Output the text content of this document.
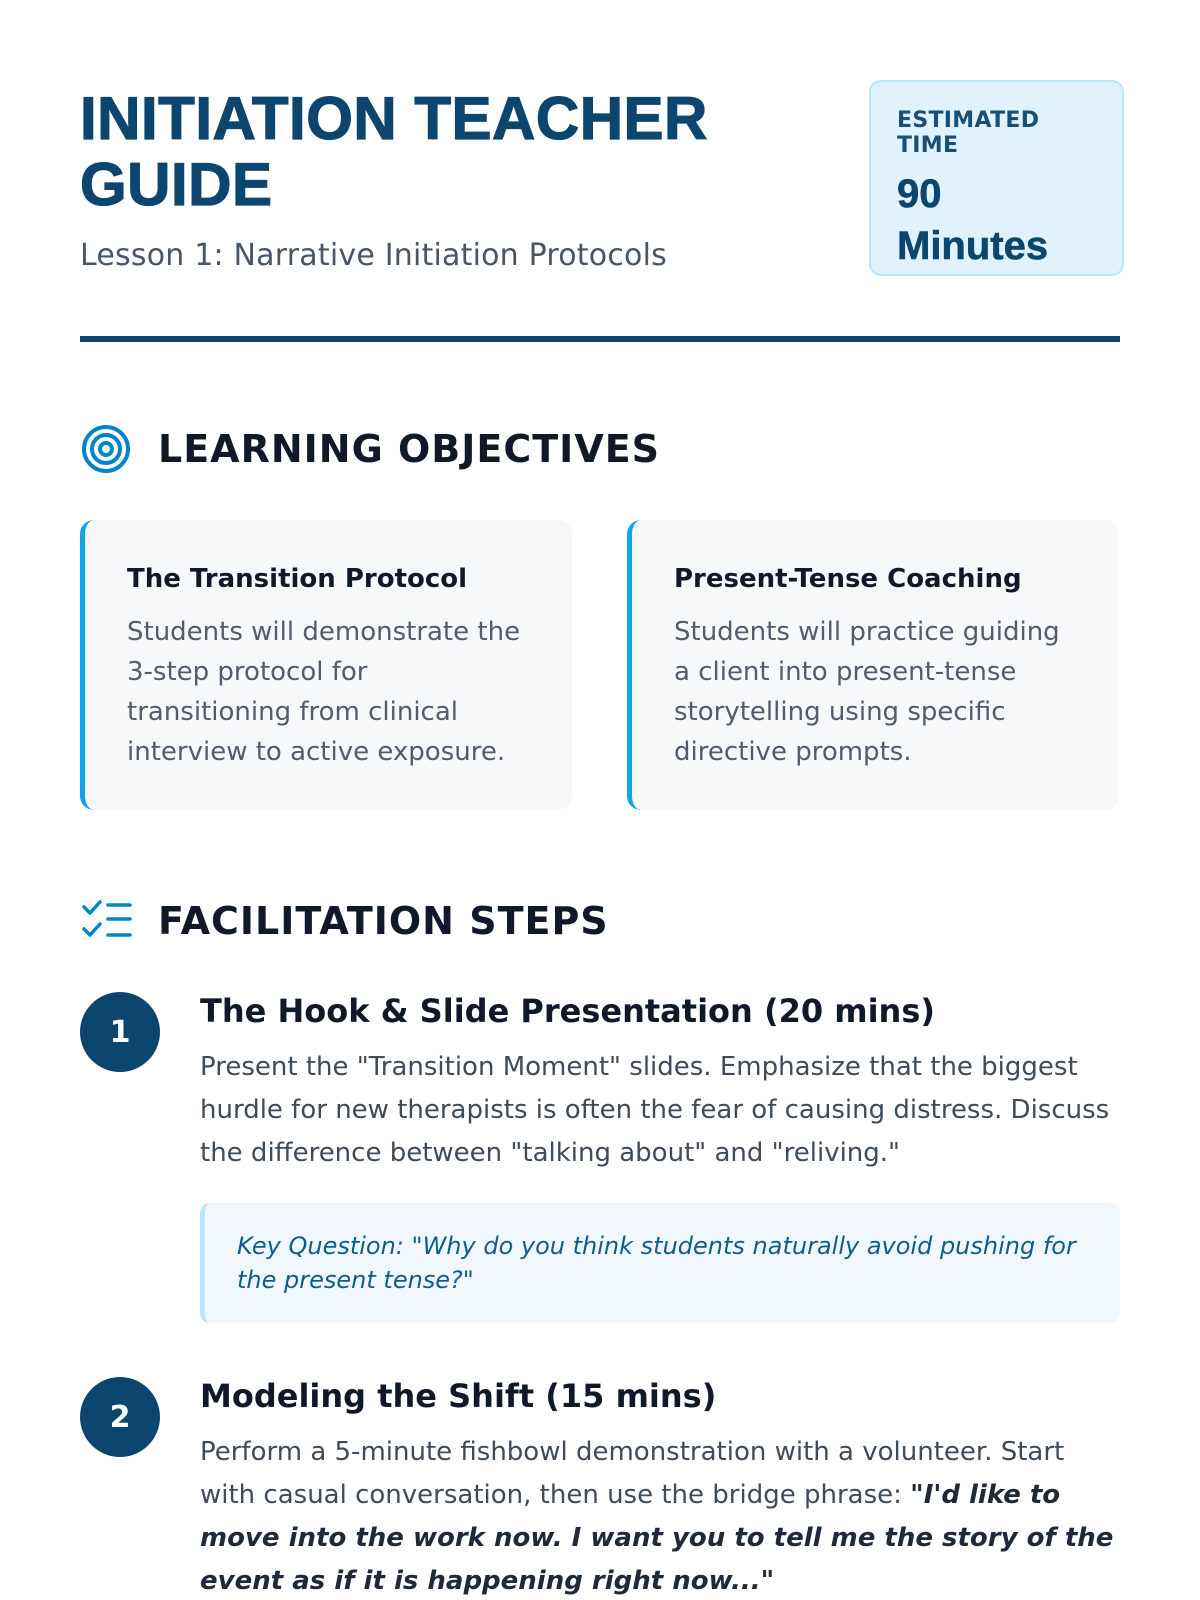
INITIATION TEACHER GUIDE
Lesson 1: Narrative Initiation Protocols
ESTIMATED TIME
90 Minutes
LEARNING OBJECTIVES
The Transition Protocol
Students will demonstrate the 3-step protocol for transitioning from clinical interview to active exposure.
Present-Tense Coaching
Students will practice guiding a client into present-tense storytelling using specific directive prompts.
FACILITATION STEPS
1
The Hook & Slide Presentation (20 mins)
Present the "Transition Moment" slides. Emphasize that the biggest hurdle for new therapists is often the fear of causing distress. Discuss the difference between "talking about" and "reliving."
Key Question: "Why do you think students naturally avoid pushing for the present tense?"
2
Modeling the Shift (15 mins)
Perform a 5-minute fishbowl demonstration with a volunteer. Start with casual conversation, then use the bridge phrase: "I'd like to move into the work now. I want you to tell me the story of the event as if it is happening right now..."
